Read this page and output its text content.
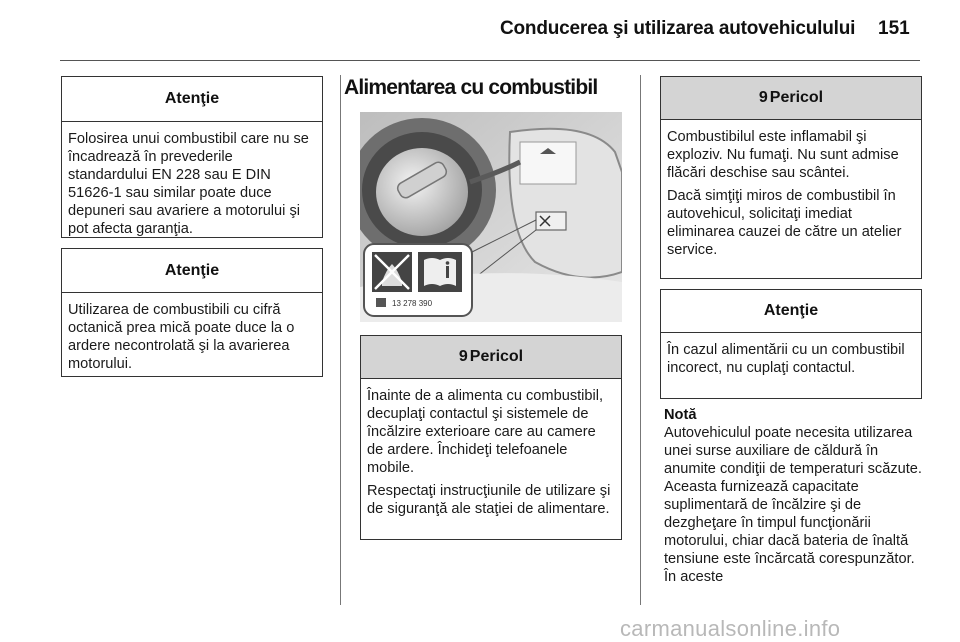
Conducerea şi utilizarea autovehiculului 151
Atenţie
Folosirea unui combustibil care nu se încadrează în prevederile standardului EN 228 sau E DIN 51626-1 sau similar poate duce depuneri sau avariere a motorului şi pot afecta garanţia.
Atenţie
Utilizarea de combustibili cu cifră octanică prea mică poate duce la o ardere necontrolată şi la avarierea motorului.
Alimentarea cu combustibil
13 278 390
9 Pericol

Înainte de a alimenta cu combustibil, decuplaţi contactul şi sistemele de încălzire exterioare care au camere de ardere. Închideţi telefoanele mobile.

Respectaţi instrucţiunile de utilizare şi de siguranţă ale staţiei de alimentare.

9 Pericol

Combustibilul este inflamabil şi exploziv. Nu fumaţi. Nu sunt admise flăcări deschise sau scântei.

Dacă simţiţi miros de combustibil în autovehicul, solicitaţi imediat eliminarea cauzei de către un atelier service.

Atenţie
În cazul alimentării cu un combustibil incorect, nu cuplaţi contactul.
Notă
Autovehiculul poate necesita utilizarea unei surse auxiliare de căldură în anumite condiţii de temperaturi scăzute. Aceasta furnizează capacitate suplimentară de încălzire şi de dezgheţare în timpul funcţionării motorului, chiar dacă bateria de înaltă tensiune este încărcată corespunzător. În aceste
carmanualsonline.info
